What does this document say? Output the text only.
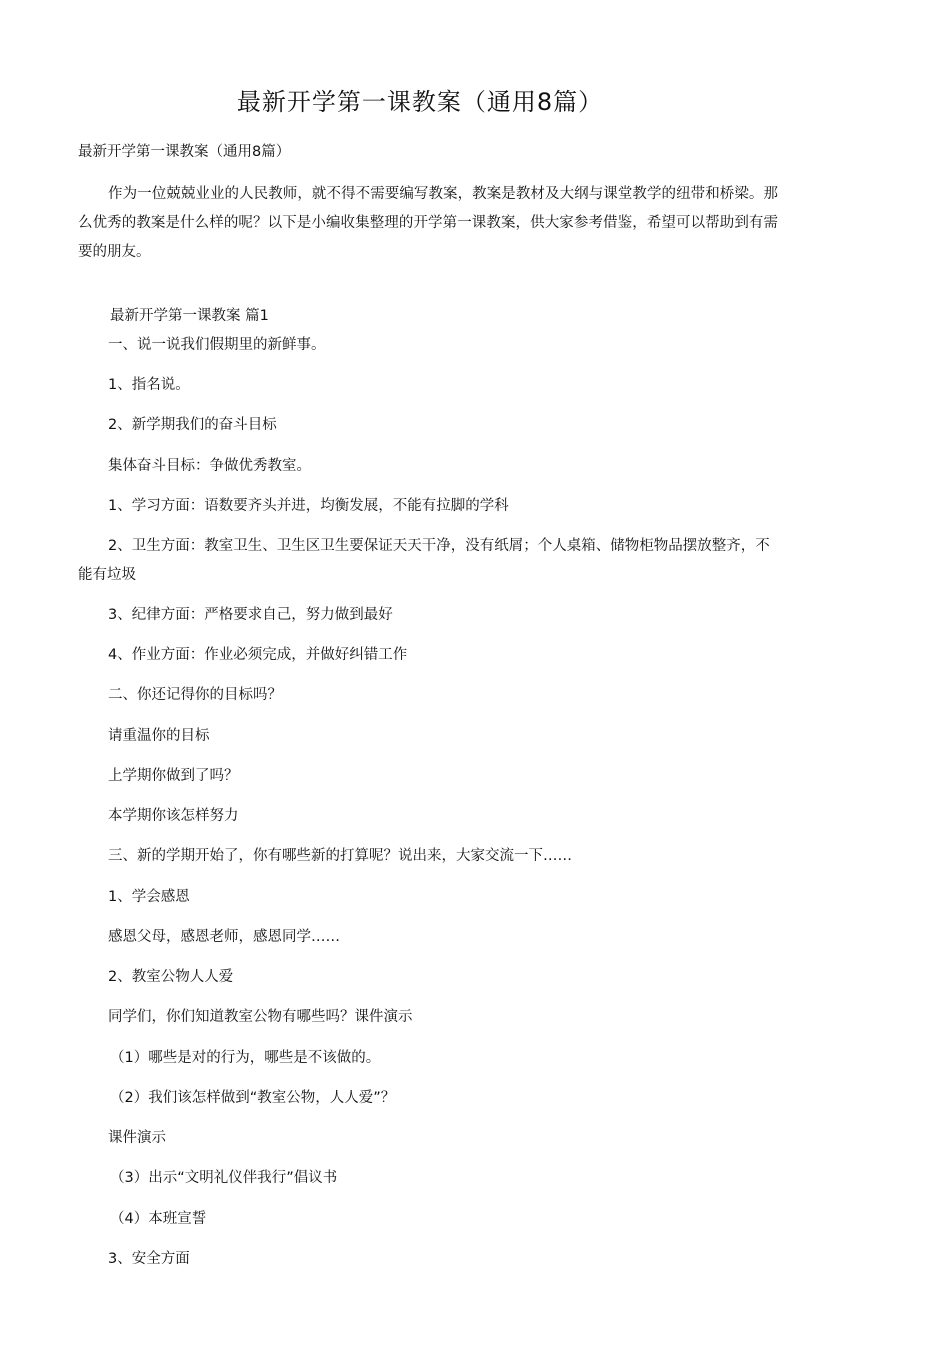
最新开学第一课教案（通用8篇）
最新开学第一课教案（通用8篇）
作为一位兢兢业业的人民教师，就不得不需要编写教案，教案是教材及大纲与课堂教学的纽带和桥梁。那么优秀的教案是什么样的呢？以下是小编收集整理的开学第一课教案，供大家参考借鉴，希望可以帮助到有需要的朋友。
最新开学第一课教案 篇1
一、说一说我们假期里的新鲜事。
1、指名说。
2、新学期我们的奋斗目标
集体奋斗目标：争做优秀教室。
1、学习方面：语数要齐头并进，均衡发展，不能有拉脚的学科
2、卫生方面：教室卫生、卫生区卫生要保证天天干净，没有纸屑；个人桌箱、储物柜物品摆放整齐，不能有垃圾
3、纪律方面：严格要求自己，努力做到最好
4、作业方面：作业必须完成，并做好纠错工作
二、你还记得你的目标吗？
请重温你的目标
上学期你做到了吗？
本学期你该怎样努力
三、新的学期开始了，你有哪些新的打算呢？说出来，大家交流一下……
1、学会感恩
感恩父母，感恩老师，感恩同学……
2、教室公物人人爱
同学们，你们知道教室公物有哪些吗？课件演示
（1）哪些是对的行为，哪些是不该做的。
（2）我们该怎样做到“教室公物，人人爱”？
课件演示
（3）出示“文明礼仪伴我行”倡议书
（4）本班宣誓
3、安全方面
